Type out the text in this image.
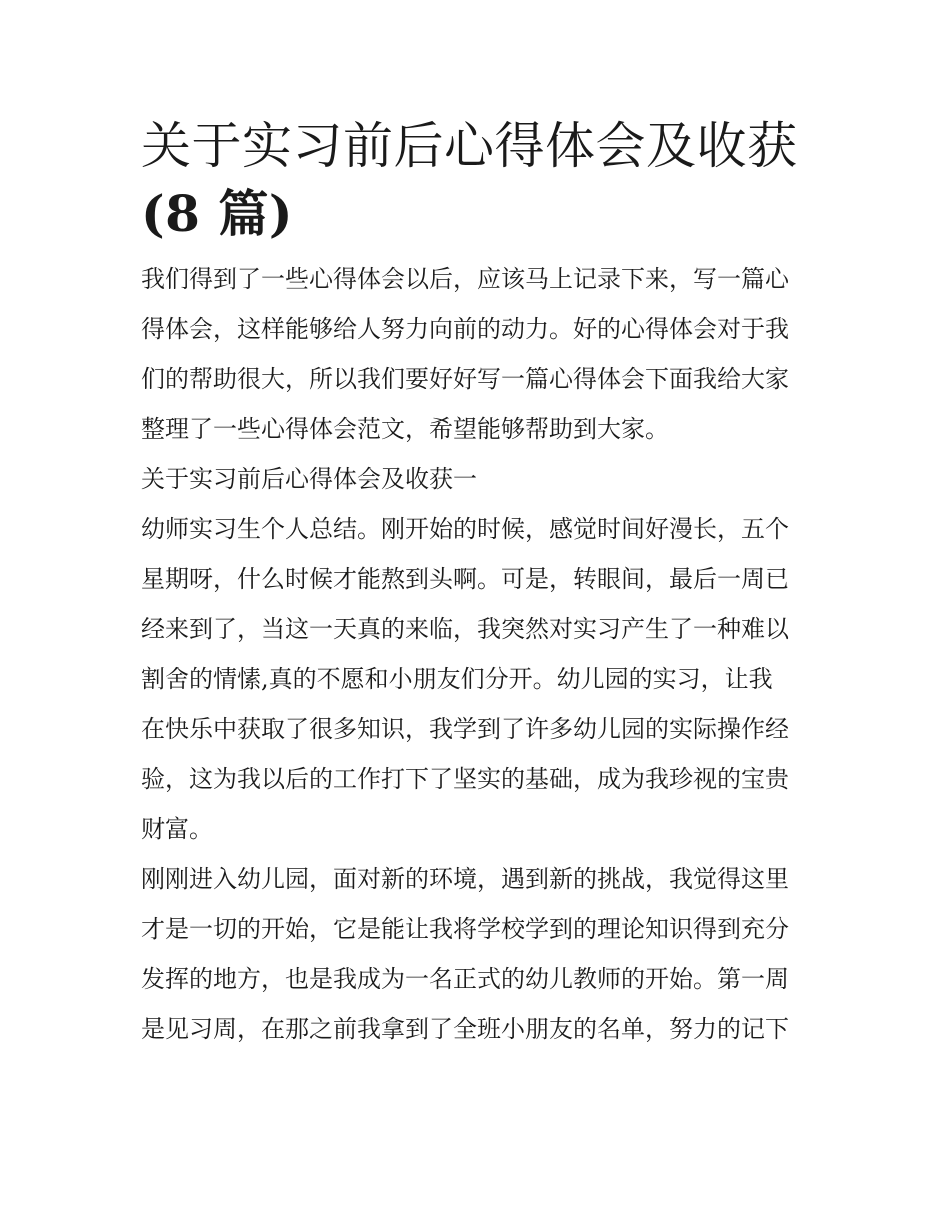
关于实习前后心得体会及收获
(8 篇)

我们得到了一些心得体会以后，应该马上记录下来，写一篇心
得体会，这样能够给人努力向前的动力。好的心得体会对于我
们的帮助很大，所以我们要好好写一篇心得体会下面我给大家
整理了一些心得体会范文，希望能够帮助到大家。

关于实习前后心得体会及收获一

幼师实习生个人总结。刚开始的时候，感觉时间好漫长，五个
星期呀，什么时候才能熬到头啊。可是，转眼间，最后一周已
经来到了，当这一天真的来临，我突然对实习产生了一种难以
割舍的情愫,真的不愿和小朋友们分开。幼儿园的实习，让我
在快乐中获取了很多知识，我学到了许多幼儿园的实际操作经
验，这为我以后的工作打下了坚实的基础，成为我珍视的宝贵
财富。

刚刚进入幼儿园，面对新的环境，遇到新的挑战，我觉得这里
才是一切的开始，它是能让我将学校学到的理论知识得到充分
发挥的地方，也是我成为一名正式的幼儿教师的开始。第一周
是见习周，在那之前我拿到了全班小朋友的名单，努力的记下
